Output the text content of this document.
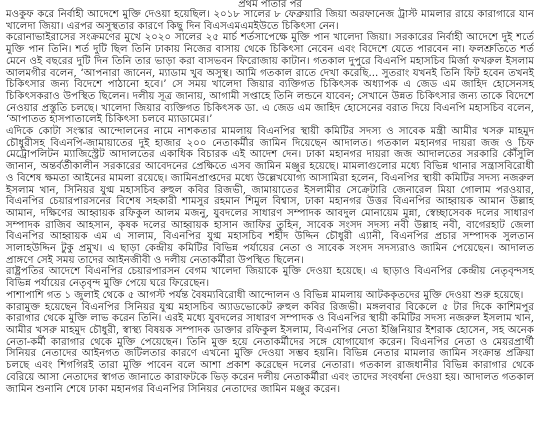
প্রথম পাতার পর

মওকুফ করে নির্বাহী আদেশে মুক্তি দেওয়া হয়েছিল। ২০১৮ সালের ৮ ফেব্রুয়ারি জিয়া অরফানেজ ট্রাস্ট মামলার রায়ে কারাগারে যান খালেদা জিয়া। এরপর অসুস্থতার কারণে কিছু দিন বিএসএমএমইউতে চিকিৎসা নেন।

করোনাভাইরাসের সংক্রমণের মুখে ২০২০ সালের ২৫ মার্চ শর্তসাপেক্ষে মুক্তি পান খালেদা জিয়া। সরকারের নির্বাহী আদেশে দুই শর্তে মুক্তি পান তিনি। শর্ত দুটি ছিল তিনি ঢাকায় নিজের বাসায় থেকে চিকিৎসা নেবেন এবং বিদেশে যেতে পারবেন না। ফলশ্রুতিতে শর্ত মেনে ওই বছরের দুটি দিন তিনি তার ভাড়া করা বাসভবন ফিরোজায় কাটান। গতকাল দুপুরে বিএনপি মহাসচিব মির্জা ফখরুল ইসলাম আলমগীর বলেন, ‘আপনারা জানেন, ম্যাডাম খুব অসুস্থ। আমি গতকাল রাতে দেখা করেছি... সুতরাং যখনই তিনি ফিট হবেন তখনই চিকিৎসার জন্য বিদেশে পাঠানো হবে।’ সে সময় খালেদা জিয়ার ব্যক্তিগত চিকিৎসক অধ্যাপক এ জেড এম জাহিদ হোসেনসহ চিকিৎসকরাও উপস্থিত ছিলেন। দলীয় সূত্র জানায়, আগামী সপ্তাহে তিনি লন্ডনে যাবেন; সেখানে উন্নত চিকিৎসার জন্য তাকে বিদেশে নেওয়ার প্রস্তুতি চলছে। খালেদা জিয়ার ব্যক্তিগত চিকিৎসক ডা. এ জেড এম জাহিদ হোসেনের বরাত দিয়ে বিএনপি মহাসচিব বলেন, ‘আপাতত হাসপাতালেই চিকিৎসা চলবে ম্যাডামের।’

এদিকে কোটা সংস্কার আন্দোলনের নামে নাশকতার মামলায় বিএনপির স্থায়ী কমিটির সদস্য ও সাবেক মন্ত্রী আমীর খসরু মাহমুদ চৌধুরীসহ বিএনপি-জামায়াতের দুই হাজার ২০০ নেতাকর্মীর জামিন দিয়েছেন আদালত। গতকাল মহানগর দায়রা জজ ও চিফ মেট্রোপলিটন ম্যাজিস্ট্রেট আদালতের একাধিক বিচারক এই আদেশ দেন। ঢাকা মহানগর দায়রা জজ আদালতের সরকারি কৌঁসুলি জানান, অন্তর্বর্তীকালীন সরকারের আবেদনের প্রেক্ষিতে এসব জামিন মঞ্জুর হয়েছে। মামলাগুলোর মধ্যে বিভিন্ন থানার সন্ত্রাসবিরোধী ও বিশেষ ক্ষমতা আইনের মামলা রয়েছে। জামিনপ্রাপ্তদের মধ্যে উল্লেখযোগ্য আসামিরা হলেন, বিএনপির স্থায়ী কমিটির সদস্য নজরুল ইসলাম খান, সিনিয়র যুগ্ম মহাসচিব রুহুল কবির রিজভী, জামায়াতের ইসলামীর সেক্রেটারি জেনারেল মিয়া গোলাম পরওয়ার, বিএনপির চেয়ারপারসনের বিশেষ সহকারী শামসুর রহমান শিমুল বিশ্বাস, ঢাকা মহানগর উত্তর বিএনপির আহ্বায়ক আমান উল্লাহ আমান, দক্ষিণের আহ্বায়ক রফিকুল আলম মজনু, যুবদলের সাধারণ সম্পাদক আবদুল মোনায়েম মুন্না, স্বেচ্ছাসেবক দলের সাধারণ সম্পাদক রাজিব আহসান, কৃষক দলের আহ্বায়ক হাসান জাফির তুহিন, সাবেক সংসদ সদস্য নবী উল্লাহ নবী, বাগেরহাট জেলা বিএনপির আহ্বায়ক এম এ সালাম, বিএনপির যুগ্ম মহাসচিব শহীদ উদ্দিন চৌধুরী এ্যানী, বিএনপির প্রচার সম্পাদক সুলতান সালাহউদ্দিন টুকু প্রমুখ। এ ছাড়া কেন্দ্রীয় কমিটির বিভিন্ন পর্যায়ের নেতা ও সাবেক সংসদ সদস্যরাও জামিন পেয়েছেন। আদালত প্রাঙ্গণে সেই সময় তাদের আইনজীবী ও দলীয় নেতাকর্মীরা উপস্থিত ছিলেন।

রাষ্ট্রপতির আদেশে বিএনপির চেয়ারপারসন বেগম খালেদা জিয়াকে মুক্তি দেওয়া হয়েছে। এ ছাড়াও বিএনপির কেন্দ্রীয় নেতৃবৃন্দসহ বিভিন্ন পর্যায়ের নেতৃবৃন্দ মুক্তি পেয়ে ঘরে ফিরেছেন।

পাশাপাশি গত ১ জুলাই থেকে ৫ আগস্ট পর্যন্ত বৈষম্যবিরোধী আন্দোলন ও বিভিন্ন মামলায় আটককৃতদের মুক্তি দেওয়া শুরু হয়েছে।

কারামুক্ত হয়েছেন বিএনপির সিনিয়র যুগ্ম মহাসচিব অ্যাডভোকেট রুহুল কবির রিজভী। মঙ্গলবার বিকেলে ৫ টার দিকে কাশিমপুর কারাগার থেকে মুক্তি লাভ করেন তিনি। এরই মধ্যে যুবদলের সাধারণ সম্পাদক ও বিএনপির স্থায়ী কমিটির সদস্য নজরুল ইসলাম খান, আমীর খসরু মাহমুদ চৌধুরী, স্বাস্থ্য বিষয়ক সম্পাদক ডাক্তার রফিকুল ইসলাম, বিএনপির নেতা ইঞ্জিনিয়ার ইশরাক হোসেন, সহ অনেক নেতা-কর্মী কারাগার থেকে মুক্তি পেয়েছেন। তিনি মুক্ত হয়ে নেতাকর্মীদের সঙ্গে যোগাযোগ করেন। বিএনপির নেতা ও মেয়রপ্রার্থী সিনিয়র নেতাদের আইনগত জটিলতার কারণে এখনো মুক্তি দেওয়া সম্ভব হয়নি। বিভিন্ন নেতার মামলার জামিন সংক্রান্ত প্রক্রিয়া চলছে এবং শিগগিরই তারা মুক্তি পাবেন বলে আশা প্রকাশ করেছেন দলের নেতারা। গতকাল রাজধানীর বিভিন্ন কারাগার থেকে বেরিয়ে আসা নেতাদের স্বাগত জানাতে কারাফটকে ভিড় করেন দলীয় নেতাকর্মীরা এবং তাদের সংবর্ধনা দেওয়া হয়। আদালত গতকাল জামিন শুনানি শেষে ঢাকা মহানগর বিএনপির সিনিয়র নেতাদের জামিন মঞ্জুর করেন।
